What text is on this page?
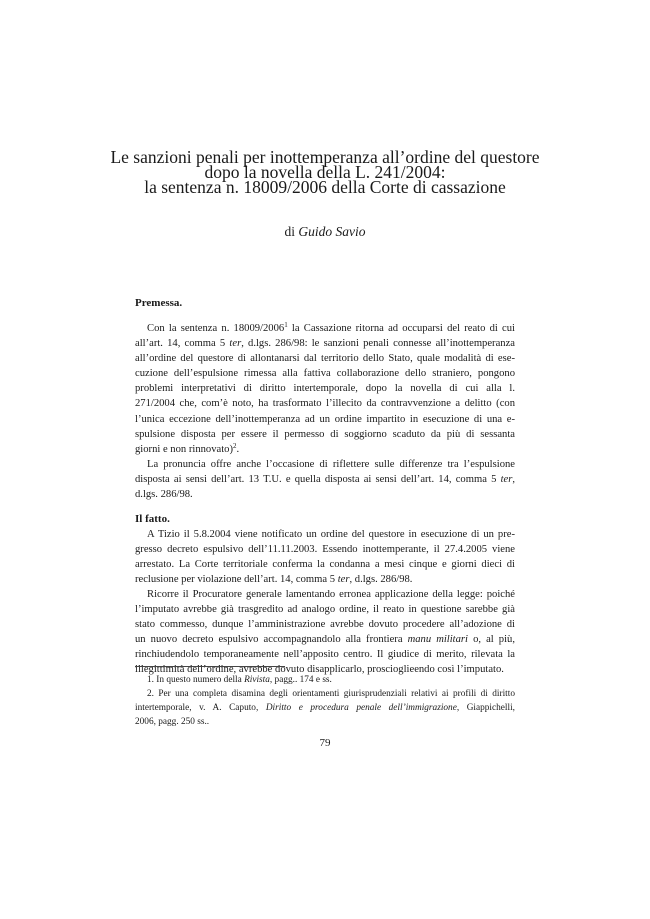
Le sanzioni penali per inottemperanza all’ordine del questore
dopo la novella della L. 241/2004:
la sentenza n. 18009/2006 della Corte di cassazione
di Guido Savio
Premessa.
Con la sentenza n. 18009/2006$^1$ la Cassazione ritorna ad occuparsi del reato di cui
all’art. 14, comma 5 ter, d.lgs. 286/98: le sanzioni penali connesse all’inottemperanza
all’ordine del questore di allontanarsi dal territorio dello Stato, quale modalità di ese-
cuzione dell’espulsione rimessa alla fattiva collaborazione dello straniero, pongono
problemi interpretativi di diritto intertemporale, dopo la novella di cui alla l.
271/2004 che, com’è noto, ha trasformato l’illecito da contravvenzione a delitto (con
l’unica eccezione dell’inottemperanza ad un ordine impartito in esecuzione di una e-
spulsione disposta per essere il permesso di soggiorno scaduto da più di sessanta
giorni e non rinnovato)$^2$.
La pronuncia offre anche l’occasione di riflettere sulle differenze tra l’espulsione
disposta ai sensi dell’art. 13 T.U. e quella disposta ai sensi dell’art. 14, comma 5 ter,
d.lgs. 286/98.
Il fatto.
A Tizio il 5.8.2004 viene notificato un ordine del questore in esecuzione di un pre-
gresso decreto espulsivo dell’11.11.2003. Essendo inottemperante, il 27.4.2005 viene
arrestato. La Corte territoriale conferma la condanna a mesi cinque e giorni dieci di
reclusione per violazione dell’art. 14, comma 5 ter, d.lgs. 286/98.
Ricorre il Procuratore generale lamentando erronea applicazione della legge: poiché
l’imputato avrebbe già trasgredito ad analogo ordine, il reato in questione sarebbe già
stato commesso, dunque l’amministrazione avrebbe dovuto procedere all’adozione di
un nuovo decreto espulsivo accompagnandolo alla frontiera manu militari o, al più,
rinchiudendolo temporaneamente nell’apposito centro. Il giudice di merito, rilevata la
illegittimità dell’ordine, avrebbe dovuto disapplicarlo, proscioglieendo così l’imputato.
1. In questo numero della Rivista, pagg.. 174 e ss.
2. Per una completa disamina degli orientamenti giurisprudenziali relativi ai profili di diritto
intertemporale, v. A. Caputo, Diritto e procedura penale dell’immigrazione, Giappichelli,
2006, pagg. 250 ss..
79
